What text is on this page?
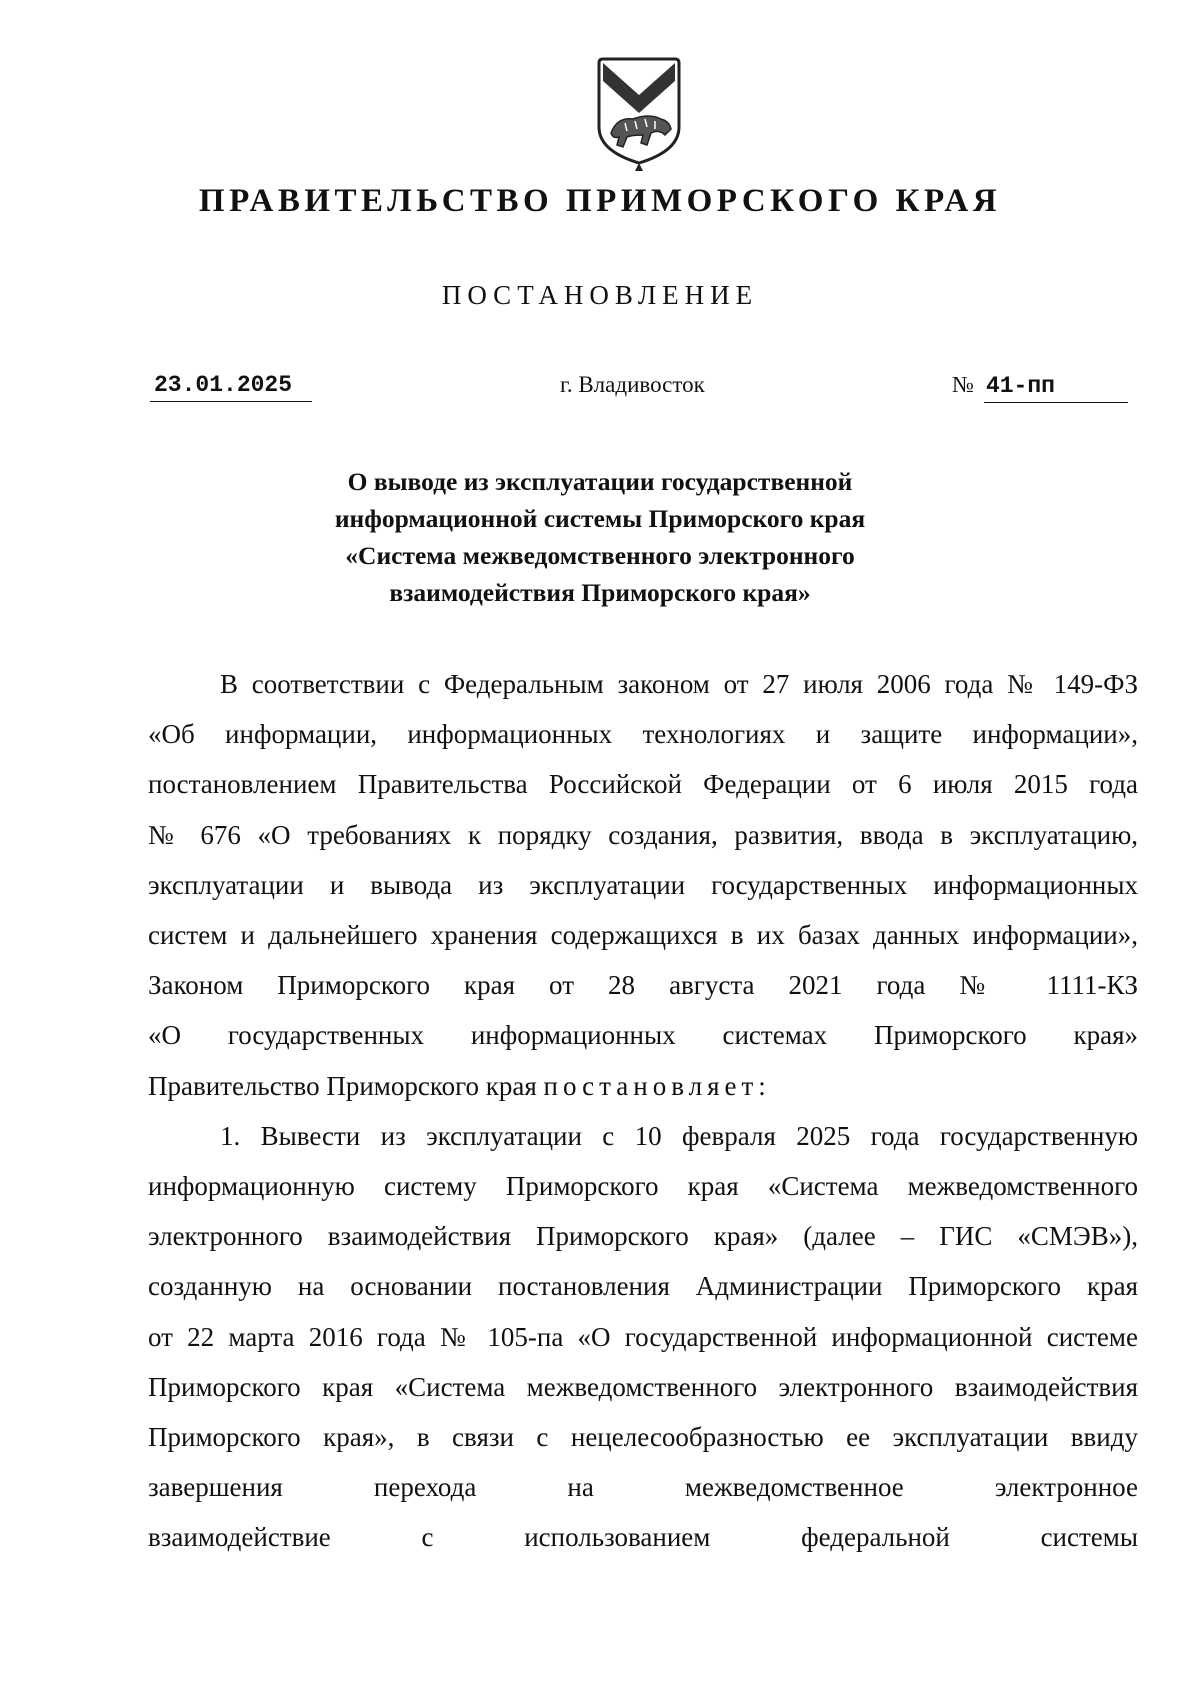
ПРАВИТЕЛЬСТВО ПРИМОРСКОГО КРАЯ
ПОСТАНОВЛЕНИЕ
23.01.2025	г. Владивосток	№ 41-пп
О выводе из эксплуатации государственной
информационной системы Приморского края
«Система межведомственного электронного
взаимодействия Приморского края»
В соответствии с Федеральным законом от 27 июля 2006 года № 149-ФЗ
«Об информации, информационных технологиях и защите информации»,
постановлением Правительства Российской Федерации от 6 июля 2015 года
№ 676 «О требованиях к порядку создания, развития, ввода в эксплуатацию,
эксплуатации и вывода из эксплуатации государственных информационных
систем и дальнейшего хранения содержащихся в их базах данных информации»,
Законом Приморского края от 28 августа 2021 года № 1111-КЗ
«О государственных информационных системах Приморского края»
Правительство Приморского края постановляет:
1. Вывести из эксплуатации с 10 февраля 2025 года государственную
информационную систему Приморского края «Система межведомственного
электронного взаимодействия Приморского края» (далее – ГИС «СМЭВ»),
созданную на основании постановления Администрации Приморского края
от 22 марта 2016 года № 105-па «О государственной информационной системе
Приморского края «Система межведомственного электронного взаимодействия
Приморского края», в связи с нецелесообразностью ее эксплуатации ввиду
завершения перехода на межведомственное электронное
взаимодействие с использованием федеральной системы
